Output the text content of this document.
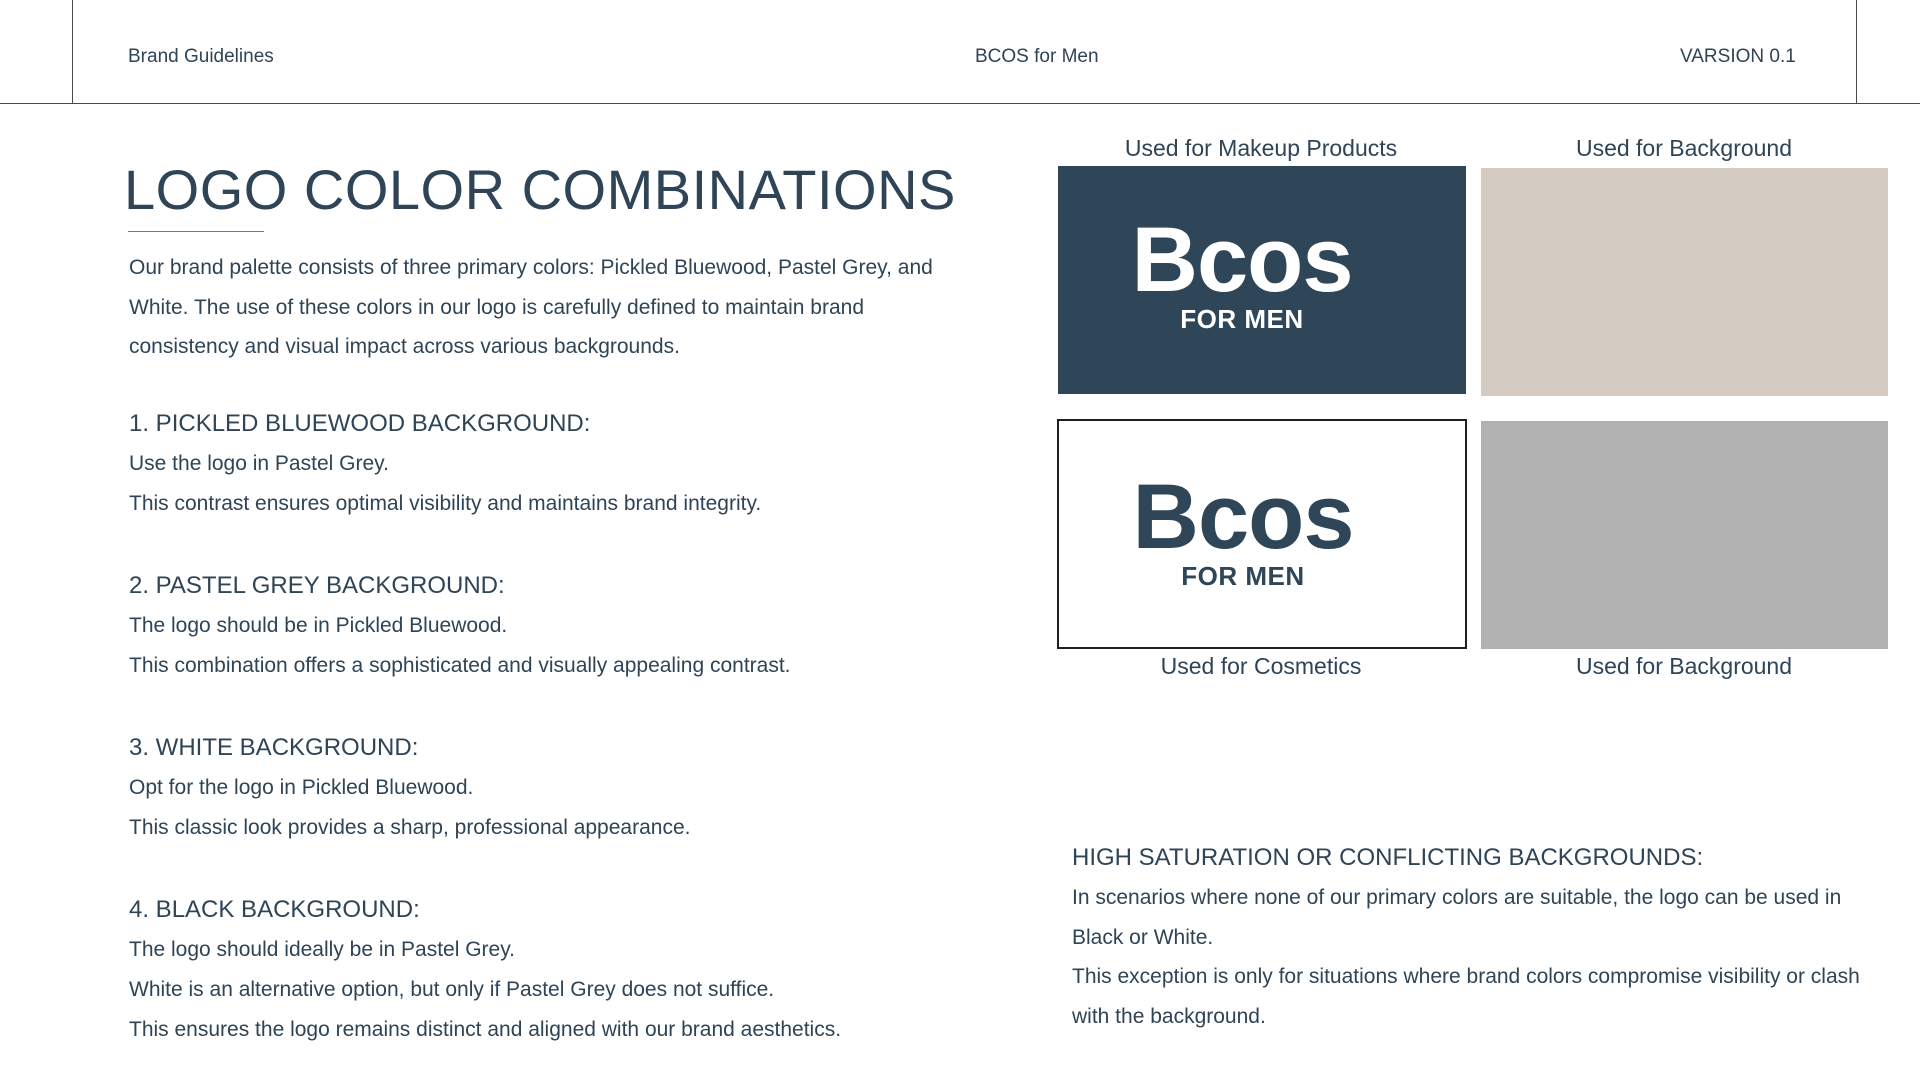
Brand Guidelines	BCOS for Men	VARSION 0.1
LOGO COLOR COMBINATIONS

Our brand palette consists of three primary colors: Pickled Bluewood, Pastel Grey, and White. The use of these colors in our logo is carefully defined to maintain brand consistency and visual impact across various backgrounds.

1. PICKLED BLUEWOOD BACKGROUND:

Use the logo in Pastel Grey.

This contrast ensures optimal visibility and maintains brand integrity.

2. PASTEL GREY BACKGROUND:

The logo should be in Pickled Bluewood.

This combination offers a sophisticated and visually appealing contrast.

3. WHITE BACKGROUND:

Opt for the logo in Pickled Bluewood.

This classic look provides a sharp, professional appearance.

4. BLACK BACKGROUND:

The logo should ideally be in Pastel Grey.

White is an alternative option, but only if Pastel Grey does not suffice.

This ensures the logo remains distinct and aligned with our brand aesthetics.

Used for Makeup Products	Used for Background
Bcos
FOR MEN
Bcos
FOR MEN
Used for Cosmetics	Used for Background

HIGH SATURATION OR CONFLICTING BACKGROUNDS:

In scenarios where none of our primary colors are suitable, the logo can be used in Black or White.

This exception is only for situations where brand colors compromise visibility or clash with the background.
